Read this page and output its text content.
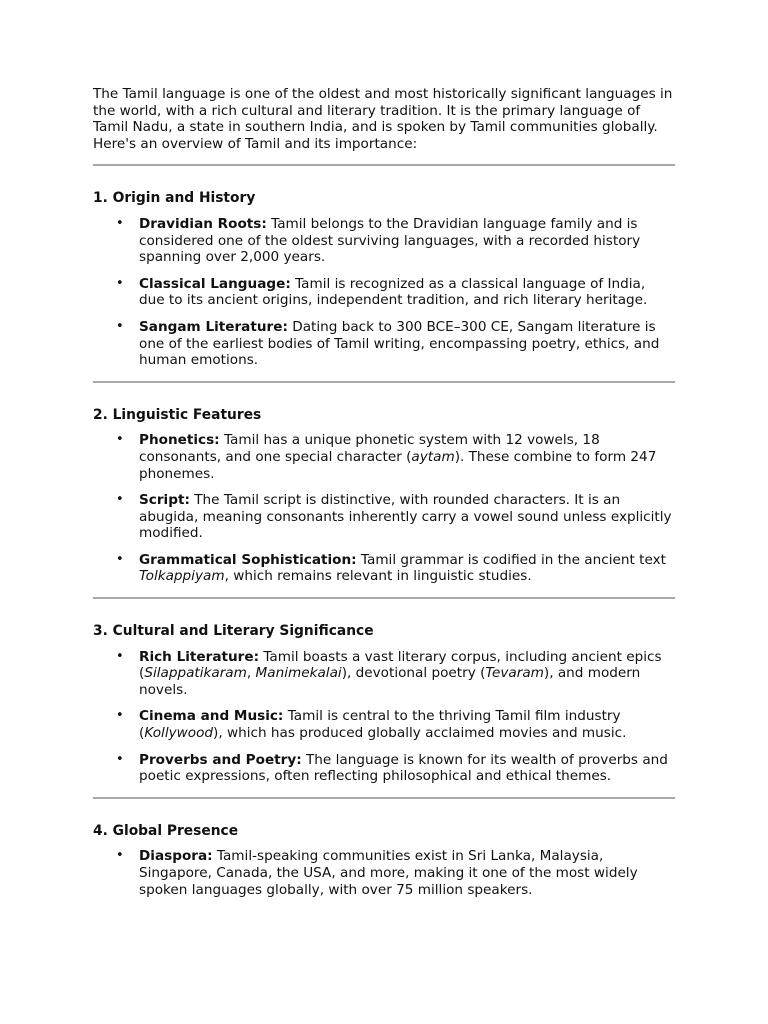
The Tamil language is one of the oldest and most historically significant languages in the world, with a rich cultural and literary tradition. It is the primary language of Tamil Nadu, a state in southern India, and is spoken by Tamil communities globally. Here's an overview of Tamil and its importance:

1. Origin and History
• Dravidian Roots: Tamil belongs to the Dravidian language family and is considered one of the oldest surviving languages, with a recorded history spanning over 2,000 years.
• Classical Language: Tamil is recognized as a classical language of India, due to its ancient origins, independent tradition, and rich literary heritage.
• Sangam Literature: Dating back to 300 BCE–300 CE, Sangam literature is one of the earliest bodies of Tamil writing, encompassing poetry, ethics, and human emotions.
2. Linguistic Features
• Phonetics: Tamil has a unique phonetic system with 12 vowels, 18 consonants, and one special character (aytam). These combine to form 247 phonemes.
• Script: The Tamil script is distinctive, with rounded characters. It is an abugida, meaning consonants inherently carry a vowel sound unless explicitly modified.
• Grammatical Sophistication: Tamil grammar is codified in the ancient text Tolkappiyam, which remains relevant in linguistic studies.
3. Cultural and Literary Significance
• Rich Literature: Tamil boasts a vast literary corpus, including ancient epics (Silappatikaram, Manimekalai), devotional poetry (Tevaram), and modern novels.
• Cinema and Music: Tamil is central to the thriving Tamil film industry (Kollywood), which has produced globally acclaimed movies and music.
• Proverbs and Poetry: The language is known for its wealth of proverbs and poetic expressions, often reflecting philosophical and ethical themes.
4. Global Presence
• Diaspora: Tamil-speaking communities exist in Sri Lanka, Malaysia, Singapore, Canada, the USA, and more, making it one of the most widely spoken languages globally, with over 75 million speakers.
